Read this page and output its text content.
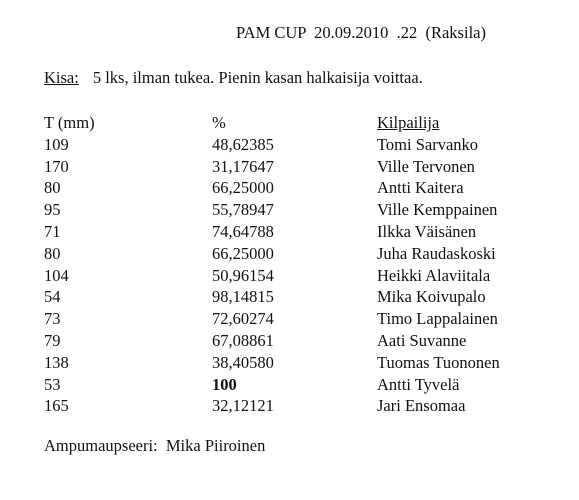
PAM CUP  20.09.2010  .22  (Raksila)
Kisa: 5 lks, ilman tukea. Pienin kasan halkaisija voittaa.
T (mm)	%	Kilpailija
109	48,62385	Tomi Sarvanko
170	31,17647	Ville Tervonen
80	66,25000	Antti Kaitera
95	55,78947	Ville Kemppainen
71	74,64788	Ilkka Väisänen
80	66,25000	Juha Raudaskoski
104	50,96154	Heikki Alaviitala
54	98,14815	Mika Koivupalo
73	72,60274	Timo Lappalainen
79	67,08861	Aati Suvanne
138	38,40580	Tuomas Tuononen
53	100	Antti Tyvelä
165	32,12121	Jari Ensomaa
Ampumaupseeri:  Mika Piiroinen
